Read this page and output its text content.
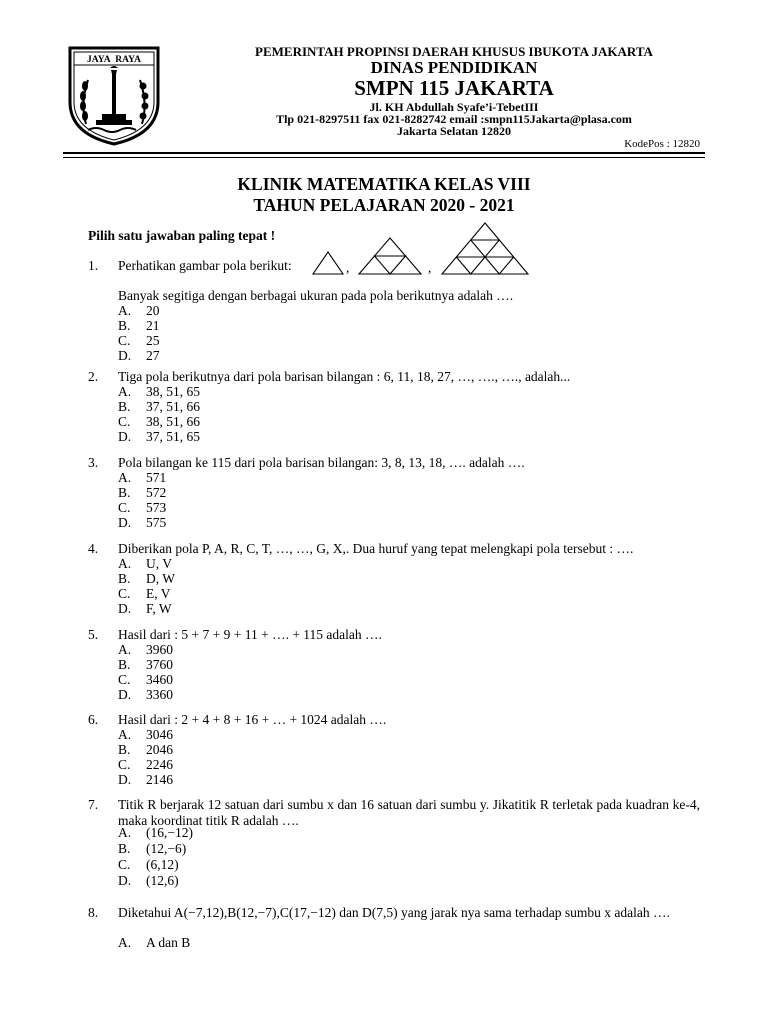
JAYA  RAYA
PEMERINTAH PROPINSI DAERAH KHUSUS IBUKOTA JAKARTA
DINAS PENDIDIKAN
SMPN 115 JAKARTA
Jl. KH Abdullah Syafe’i-TebetIII
Tlp 021-8297511 fax 021-8282742 email :smpn115Jakarta@plasa.com
Jakarta Selatan 12820
KodePos : 12820
KLINIK MATEMATIKA KELAS VIII
TAHUN PELAJARAN 2020 - 2021
Pilih satu jawaban paling tepat !
1. Perhatikan gambar pola berikut:	,	,
Banyak segitiga dengan berbagai ukuran pada pola berikutnya adalah ….
A. 20
B. 21
C. 25
D. 27
2. Tiga pola berikutnya dari pola barisan bilangan : 6, 11, 18, 27, …, …., …., adalah...
A. 38, 51, 65
B. 37, 51, 66
C. 38, 51, 66
D. 37, 51, 65
3. Pola bilangan ke 115 dari pola barisan bilangan: 3, 8, 13, 18, …. adalah ….
A. 571
B. 572
C. 573
D. 575
4. Diberikan pola P, A, R, C, T, …, …, G, X,. Dua huruf yang tepat melengkapi pola tersebut : ….
A. U, V
B. D, W
C. E, V
D. F, W
5. Hasil dari : 5 + 7 + 9 + 11 + …. + 115 adalah ….
A. 3960
B. 3760
C. 3460
D. 3360
6. Hasil dari : 2 + 4 + 8 + 16 + … + 1024 adalah ….
A. 3046
B. 2046
C. 2246
D. 2146
7. Titik R berjarak 12 satuan dari sumbu x dan 16 satuan dari sumbu y. Jikatitik R terletak pada kuadran ke-4, maka koordinat titik R adalah ….
A. (16,−12)
B. (12,−6)
C. (6,12)
D. (12,6)
8. Diketahui A(−7,12),B(12,−7),C(17,−12) dan D(7,5) yang jarak nya sama terhadap sumbu x adalah ….
A. A dan B
